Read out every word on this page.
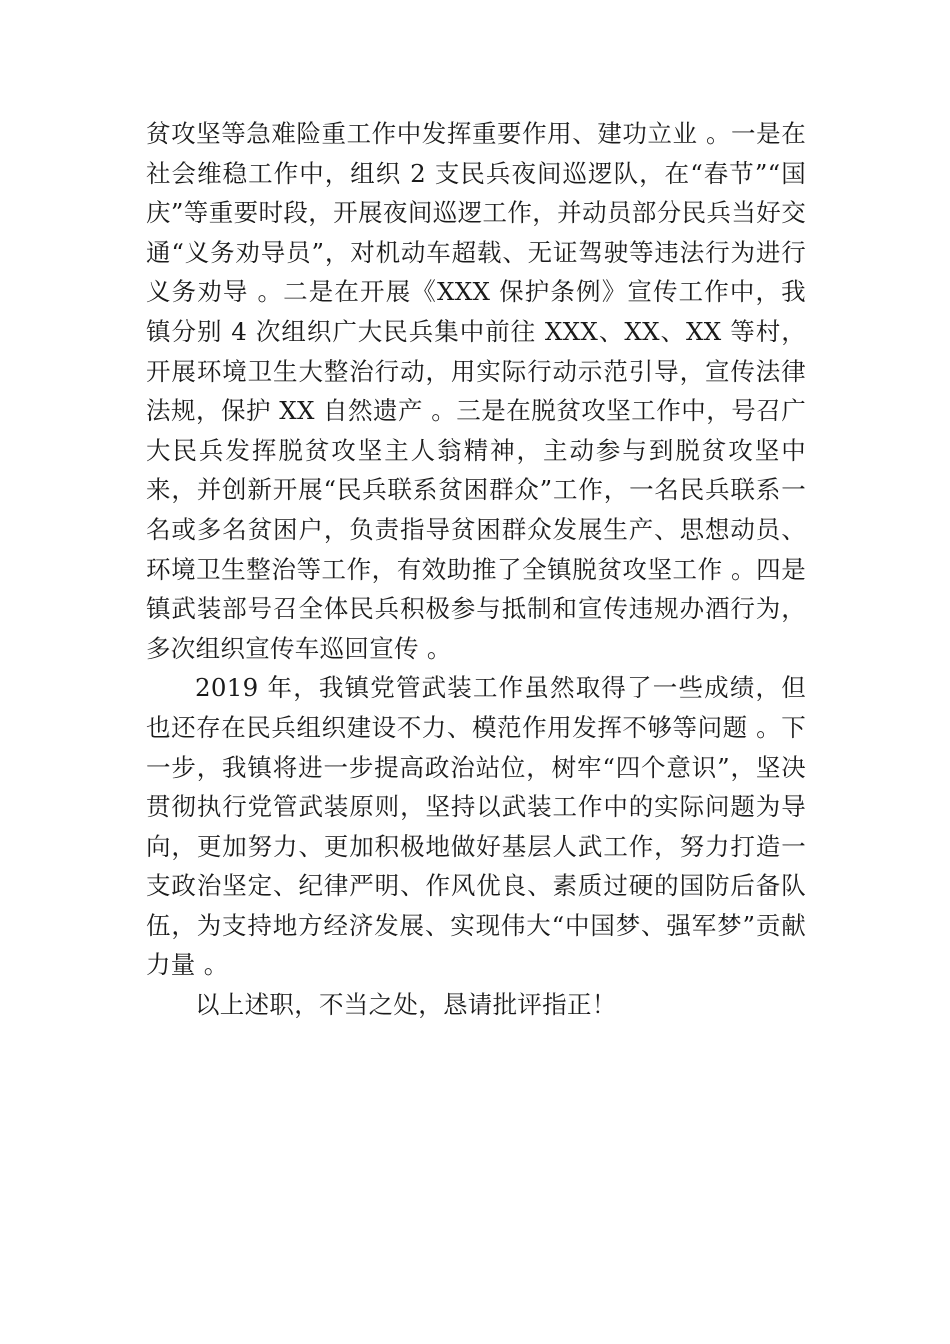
贫攻坚等急难险重工作中发挥重要作用、建功立业 。一是在社会维稳工作中，组织 2 支民兵夜间巡逻队，在“春节”“国庆”等重要时段，开展夜间巡逻工作，并动员部分民兵当好交通“义务劝导员”，对机动车超载、无证驾驶等违法行为进行义务劝导 。二是在开展《XXX 保护条例》宣传工作中，我镇分别 4 次组织广大民兵集中前往 XXX、XX、XX 等村，开展环境卫生大整治行动，用实际行动示范引导，宣传法律法规，保护 XX 自然遗产 。三是在脱贫攻坚工作中，号召广大民兵发挥脱贫攻坚主人翁精神，主动参与到脱贫攻坚中来，并创新开展“民兵联系贫困群众”工作，一名民兵联系一名或多名贫困户，负责指导贫困群众发展生产、思想动员、环境卫生整治等工作，有效助推了全镇脱贫攻坚工作 。四是镇武装部号召全体民兵积极参与抵制和宣传违规办酒行为，多次组织宣传车巡回宣传 。

2019 年，我镇党管武装工作虽然取得了一些成绩，但也还存在民兵组织建设不力、模范作用发挥不够等问题 。下一步，我镇将进一步提高政治站位，树牢“四个意识”，坚决贯彻执行党管武装原则，坚持以武装工作中的实际问题为导向，更加努力、更加积极地做好基层人武工作，努力打造一支政治坚定、纪律严明、作风优良、素质过硬的国防后备队伍，为支持地方经济发展、实现伟大“中国梦、强军梦”贡献力量 。

以上述职，不当之处，恳请批评指正！
